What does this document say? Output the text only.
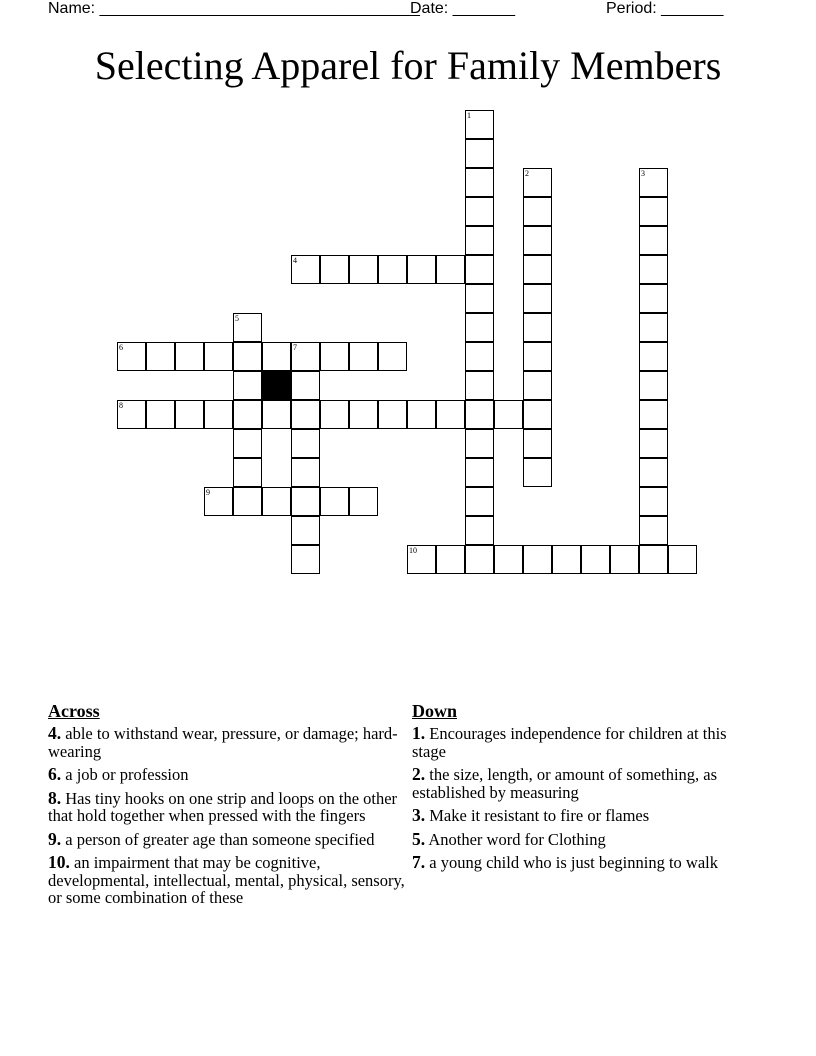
Name: ____________________________________
Date: _______	Period: _______
Selecting Apparel for Family Members
1
2	3
4
5
6	7
8
9
10
Across
4. able to withstand wear, pressure, or damage; hard-wearing
6. a job or profession
8. Has tiny hooks on one strip and loops on the other that hold together when pressed with the fingers
9. a person of greater age than someone specified
10. an impairment that may be cognitive, developmental, intellectual, mental, physical, sensory, or some combination of these
Down
1. Encourages independence for children at this stage
2. the size, length, or amount of something, as established by measuring
3. Make it resistant to fire or flames
5. Another word for Clothing
7. a young child who is just beginning to walk
